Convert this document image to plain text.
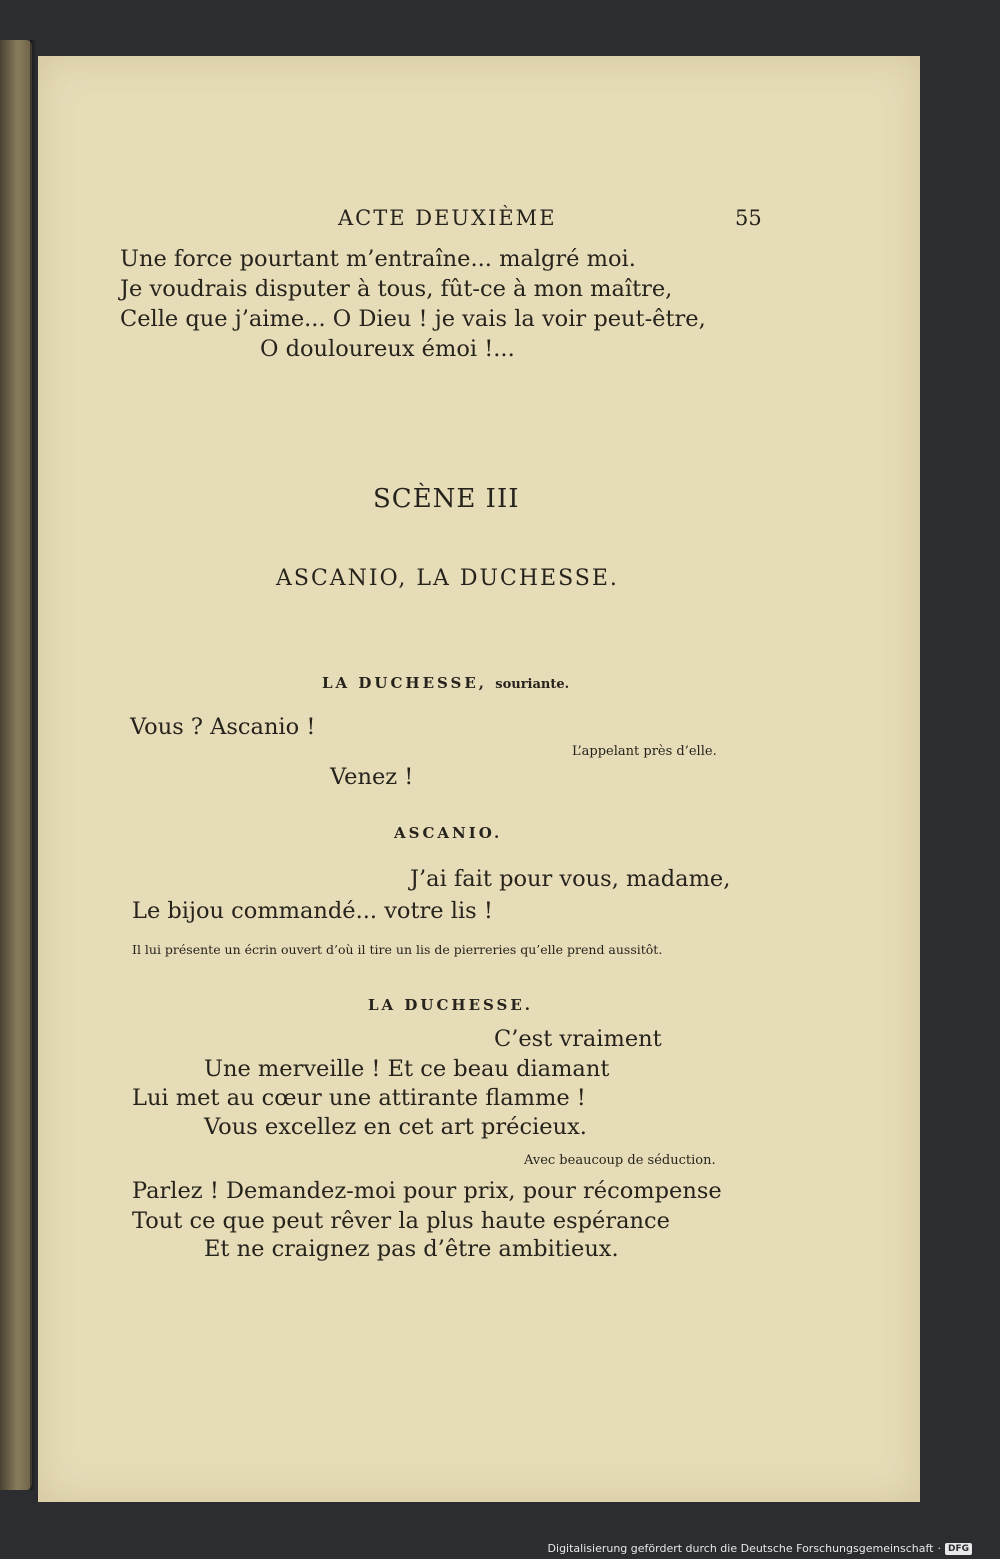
ACTE DEUXIÈME	55
Une force pourtant m’entraîne... malgré moi.
Je voudrais disputer à tous, fût-ce à mon maître,
Celle que j’aime... O Dieu ! je vais la voir peut-être,
O douloureux émoi !...
SCÈNE III
ASCANIO, LA DUCHESSE.
LA DUCHESSE, souriante.
Vous ? Ascanio !
L’appelant près d’elle.
Venez !
ASCANIO.
J’ai fait pour vous, madame,
Le bijou commandé... votre lis !
Il lui présente un écrin ouvert d’où il tire un lis de pierreries qu’elle prend aussitôt.
LA DUCHESSE.
C’est vraiment
Une merveille ! Et ce beau diamant
Lui met au cœur une attirante flamme !
Vous excellez en cet art précieux.
Avec beaucoup de séduction.
Parlez ! Demandez-moi pour prix, pour récompense
Tout ce que peut rêver la plus haute espérance
Et ne craignez pas d’être ambitieux.
Digitalisierung gefördert durch die Deutsche Forschungsgemeinschaft · DFG
